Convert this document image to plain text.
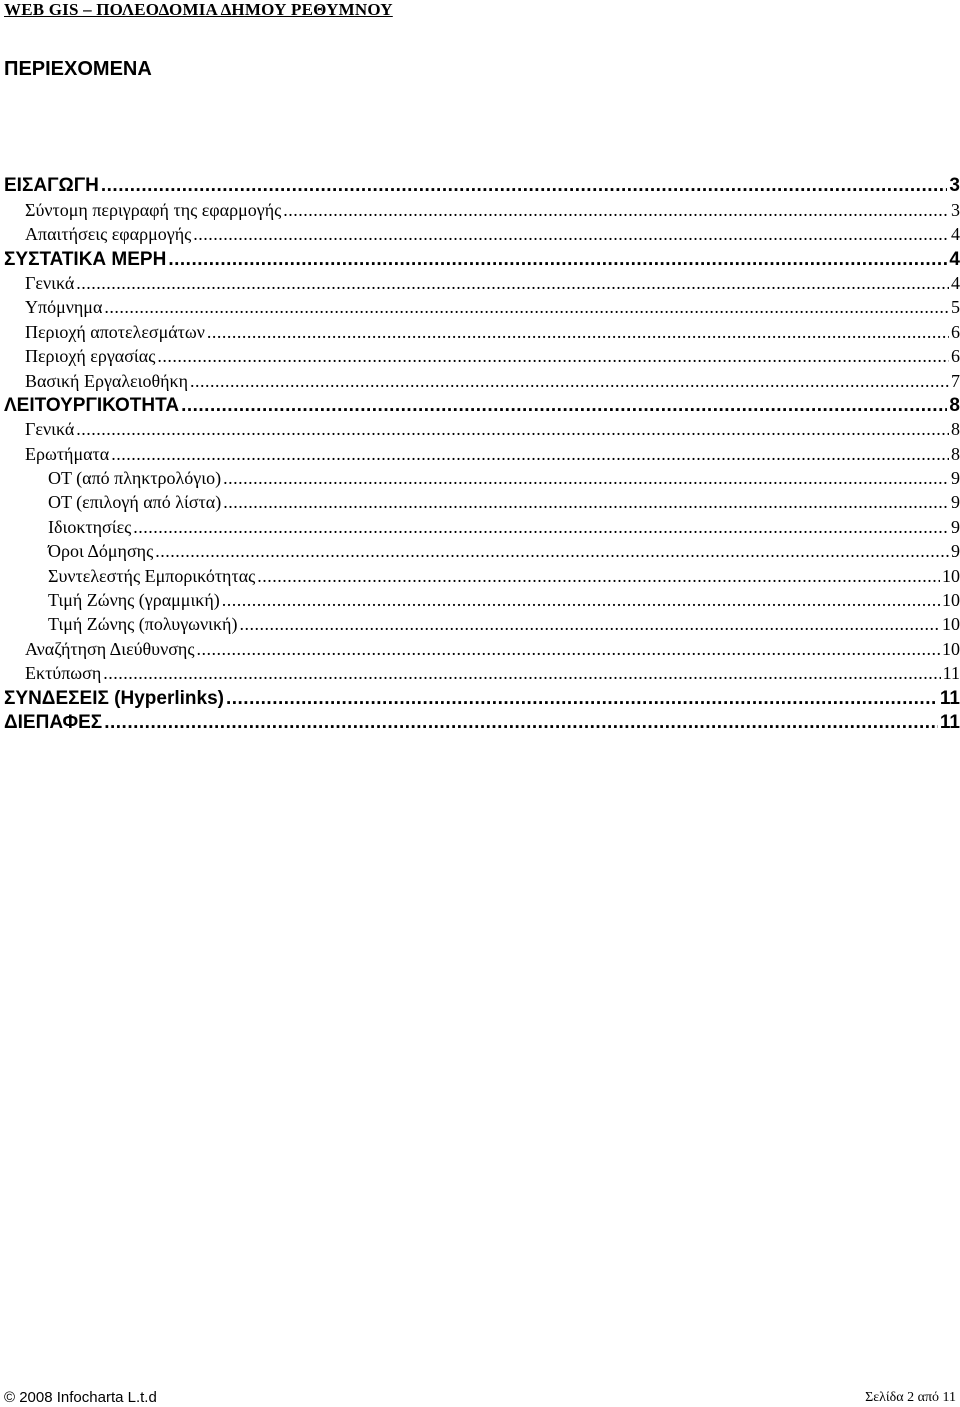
WEB GIS – ΠΟΛΕΟΔΟΜΙΑ ΔΗΜΟΥ ΡΕΘΥΜΝΟΥ
ΠΕΡΙΕΧΟΜΕΝΑ
ΕΙΣΑΓΩΓΗ .....	3
Σύντομη περιγραφή της εφαρμογής .....	3
Απαιτήσεις εφαρμογής .....	4
ΣΥΣΤΑΤΙΚΑ ΜΕΡΗ .....	4
Γενικά .....	4
Υπόμνημα .....	5
Περιοχή αποτελεσμάτων .....	6
Περιοχή εργασίας .....	6
Βασική Εργαλειοθήκη .....	7
ΛΕΙΤΟΥΡΓΙΚΟΤΗΤΑ .....	8
Γενικά .....	8
Ερωτήματα .....	8
ΟΤ (από πληκτρολόγιο) .....	9
ΟΤ (επιλογή από λίστα) .....	9
Ιδιοκτησίες .....	9
Όροι Δόμησης .....	9
Συντελεστής Εμπορικότητας .....	10
Τιμή Ζώνης (γραμμική) .....	10
Τιμή Ζώνης (πολυγωνική) .....	10
Αναζήτηση Διεύθυνσης .....	10
Εκτύπωση .....	11
ΣΥΝΔΕΣΕΙΣ (Hyperlinks) .....	11
ΔΙΕΠΑΦΕΣ .....	11
© 2008 Infocharta L.t.d	Σελίδα 2 από 11
